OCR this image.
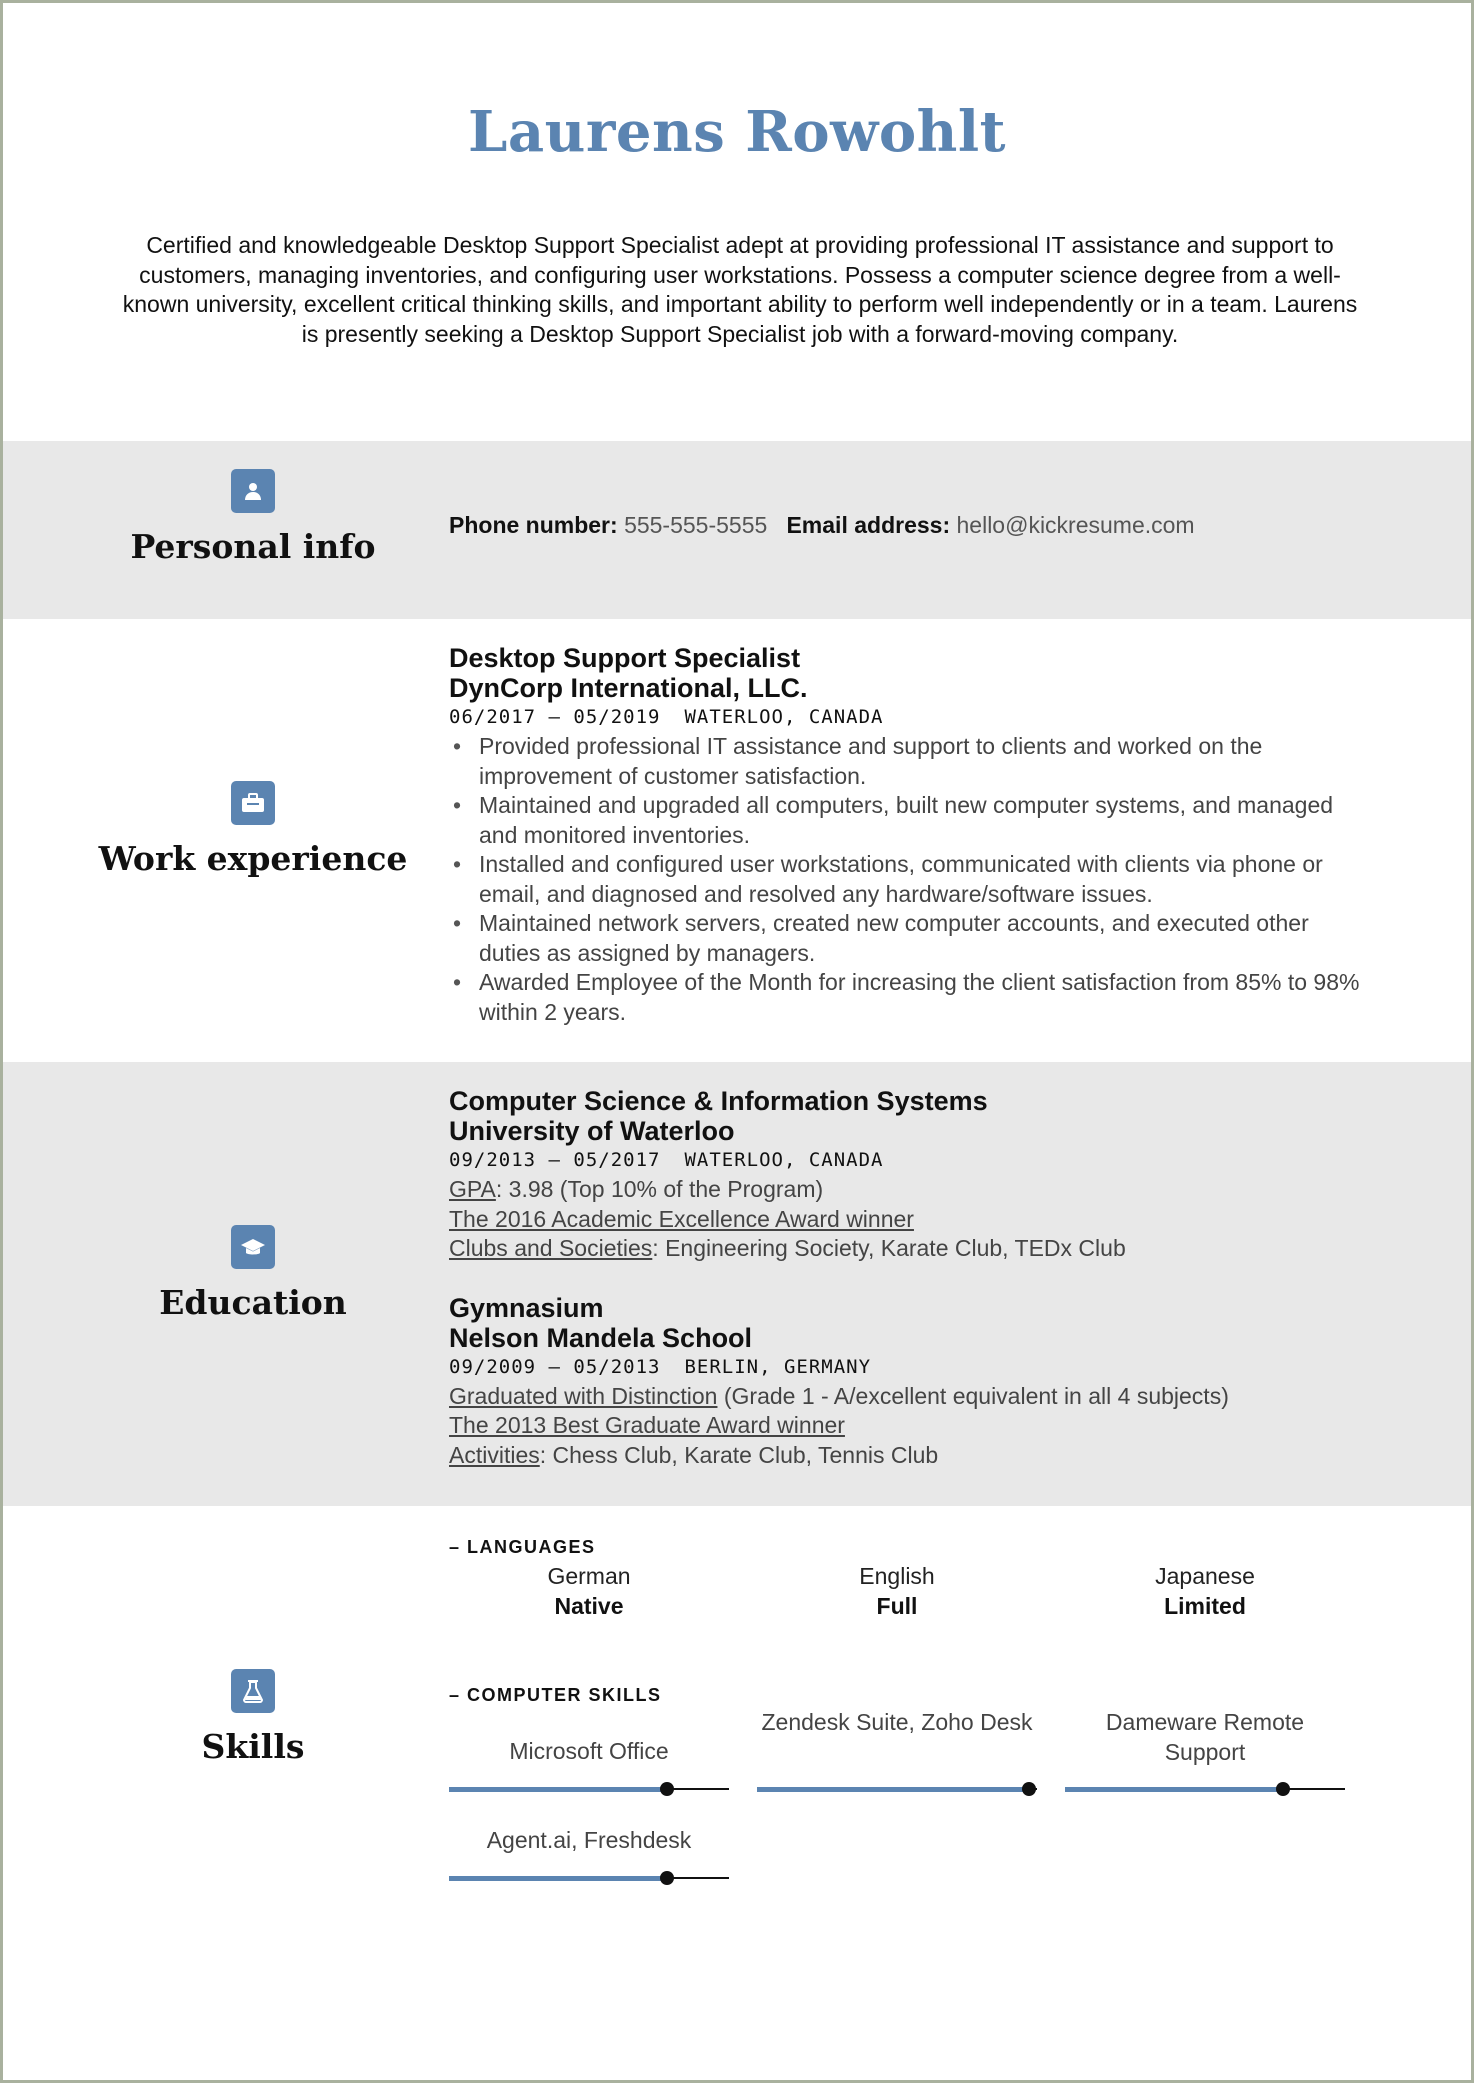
Laurens Rowohlt
Certified and knowledgeable Desktop Support Specialist adept at providing professional IT assistance and support to customers, managing inventories, and configuring user workstations. Possess a computer science degree from a well-known university, excellent critical thinking skills, and important ability to perform well independently or in a team. Laurens is presently seeking a Desktop Support Specialist job with a forward-moving company.
Personal info
Phone number: 555-555-5555 Email address: hello@kickresume.com
Work experience
Desktop Support Specialist
DynCorp International, LLC.
06/2017 – 05/2019 WATERLOO, CANADA
• Provided professional IT assistance and support to clients and worked on the improvement of customer satisfaction.
• Maintained and upgraded all computers, built new computer systems, and managed and monitored inventories.
• Installed and configured user workstations, communicated with clients via phone or email, and diagnosed and resolved any hardware/software issues.
• Maintained network servers, created new computer accounts, and executed other duties as assigned by managers.
• Awarded Employee of the Month for increasing the client satisfaction from 85% to 98% within 2 years.
Education
Computer Science & Information Systems
University of Waterloo
09/2013 – 05/2017 WATERLOO, CANADA
GPA: 3.98 (Top 10% of the Program)
The 2016 Academic Excellence Award winner
Clubs and Societies: Engineering Society, Karate Club, TEDx Club
Gymnasium
Nelson Mandela School
09/2009 – 05/2013 BERLIN, GERMANY
Graduated with Distinction (Grade 1 - A/excellent equivalent in all 4 subjects)
The 2013 Best Graduate Award winner
Activities: Chess Club, Karate Club, Tennis Club
Skills
– LANGUAGES
German
Native
English
Full
Japanese
Limited
– COMPUTER SKILLS
Microsoft Office
Zendesk Suite, Zoho Desk	Dameware Remote Support
Agent.ai, Freshdesk
